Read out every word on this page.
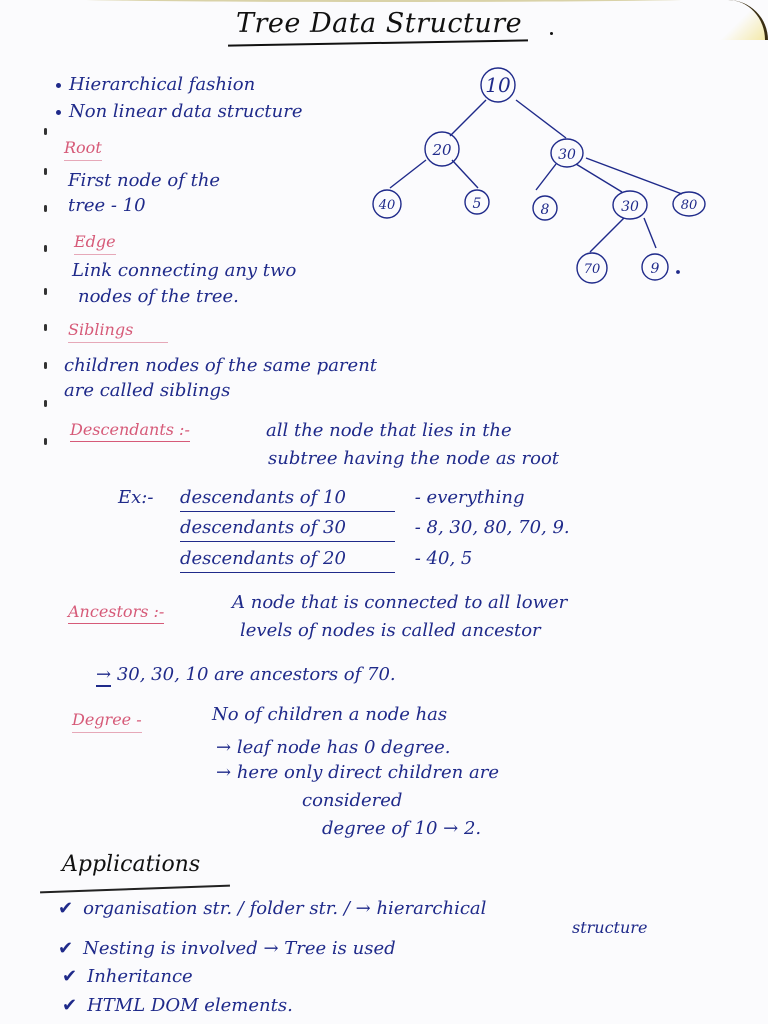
Tree Data Structure
Hierarchical fashion
Non linear data structure
10
20	30
40	5	8	30	80
70	9
Root
First node of the
tree - 10
Edge
Link connecting any two
nodes of the tree.
Siblings
children nodes of the same parent
are called siblings
Descendants :-	all the node that lies in the
subtree having the node as root
Ex:- descendants of 10	- everything
descendants of 30	- 8, 30, 80, 70, 9.
descendants of 20	- 40, 5
Ancestors :-	A node that is connected to all lower
levels of nodes is called ancestor
→ 30, 30, 10 are ancestors of 70.
Degree -	No of children a node has
→ leaf node has 0 degree.
→ here only direct children are
considered
degree of 10 → 2.
Applications
✔ organisation str. / folder str. / → hierarchical
structure
✔ Nesting is involved → Tree is used
✔ Inheritance
✔ HTML DOM elements.
